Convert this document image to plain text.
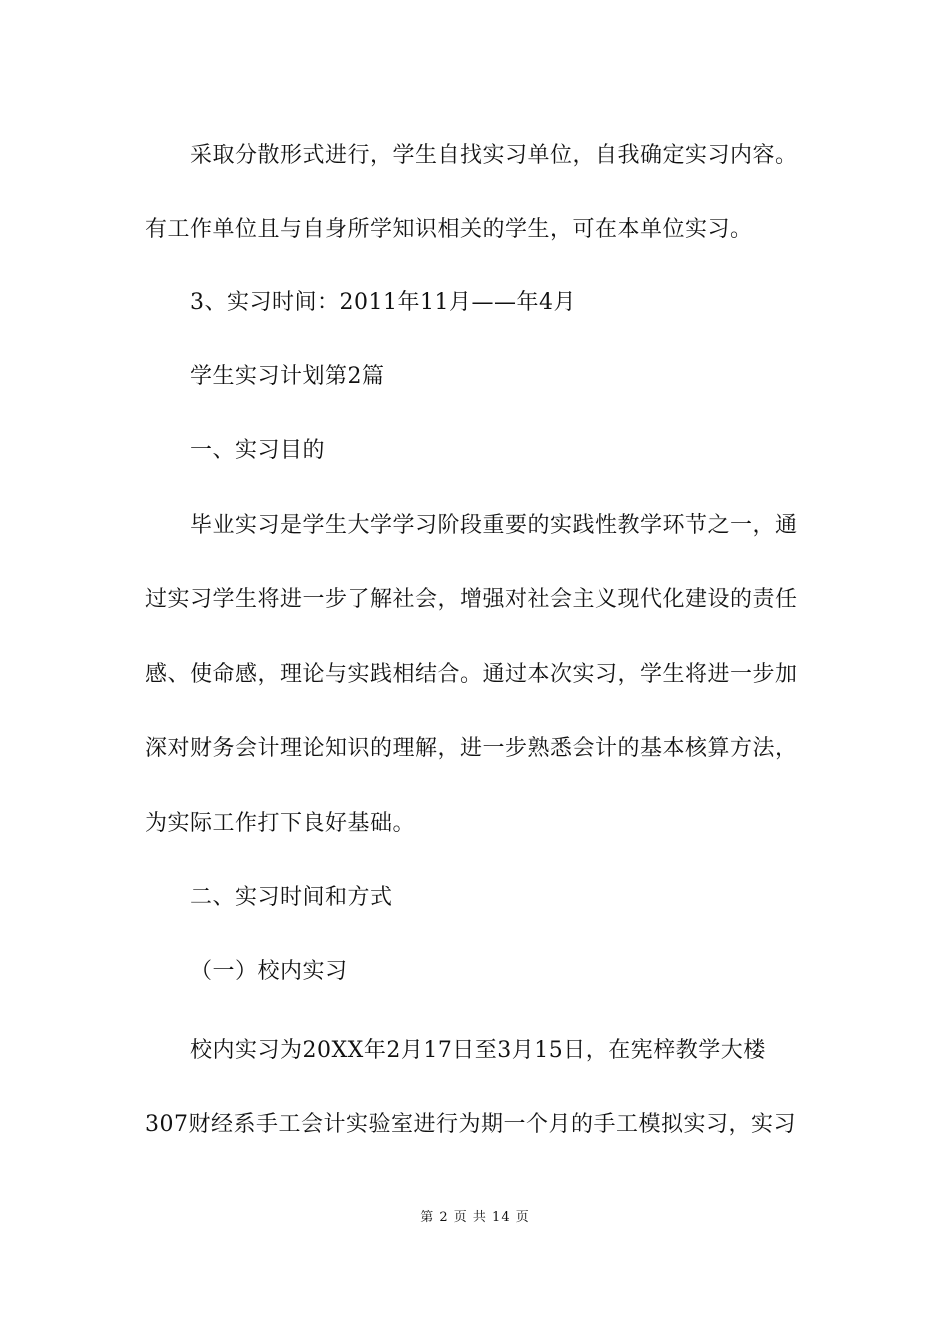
采取分散形式进行，学生自找实习单位，自我确定实习内容。
有工作单位且与自身所学知识相关的学生，可在本单位实习。
3、实习时间：2011年11月——年4月
学生实习计划第2篇
一、实习目的
毕业实习是学生大学学习阶段重要的实践性教学环节之一，通
过实习学生将进一步了解社会，增强对社会主义现代化建设的责任
感、使命感，理论与实践相结合。通过本次实习，学生将进一步加
深对财务会计理论知识的理解，进一步熟悉会计的基本核算方法，
为实际工作打下良好基础。
二、实习时间和方式
（一）校内实习
校内实习为20XX年2月17日至3月15日，在宪梓教学大楼
307财经系手工会计实验室进行为期一个月的手工模拟实习，实习
第 2 页 共 14 页
